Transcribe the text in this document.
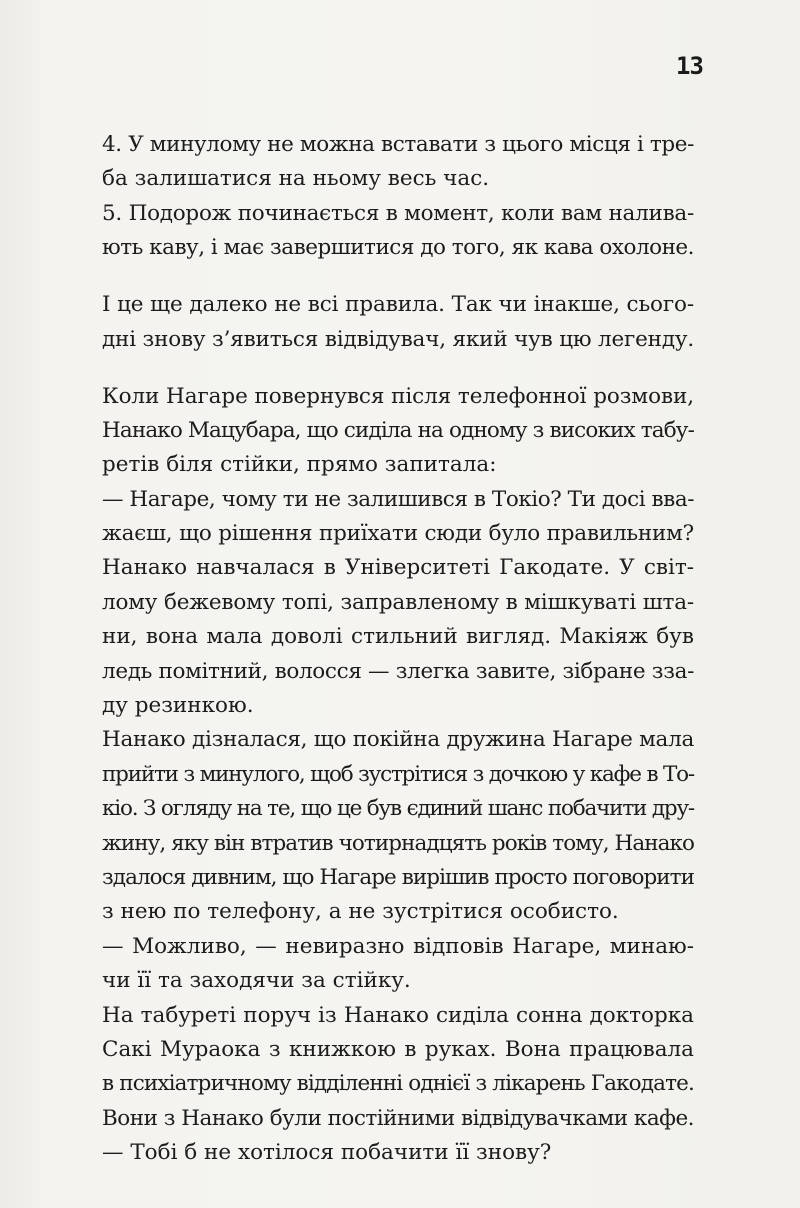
13
4. У минулому не можна вставати з цього місця і тре-
ба залишатися на ньому весь час.
5. Подорож починається в момент, коли вам налива-
ють каву, і має завершитися до того, як кава охолоне.
І це ще далеко не всі правила. Так чи інакше, сього-
дні знову з’явиться відвідувач, який чув цю легенду.
Коли Нагаре повернувся після телефонної розмови,
Нанако Мацубара, що сиділа на одному з високих табу-
ретів біля стійки, прямо запитала:
— Нагаре, чому ти не залишився в Токіо? Ти досі вва-
жаєш, що рішення приїхати сюди було правильним?
Нанако навчалася в Університеті Гакодате. У світ-
лому бежевому топі, заправленому в мішкуваті шта-
ни, вона мала доволі стильний вигляд. Макіяж був
ледь помітний, волосся — злегка завите, зібране зза-
ду резинкою.
Нанако дізналася, що покійна дружина Нагаре мала
прийти з минулого, щоб зустрітися з дочкою у кафе в То-
кіо. З огляду на те, що це був єдиний шанс побачити дру-
жину, яку він втратив чотирнадцять років тому, Нанако
здалося дивним, що Нагаре вирішив просто поговорити
з нею по телефону, а не зустрітися особисто.
— Можливо, — невиразно відповів Нагаре, минаю-
чи її та заходячи за стійку.
На табуреті поруч із Нанако сиділа сонна докторка
Сакі Мураока з книжкою в руках. Вона працювала
в психіатричному відділенні однієї з лікарень Гакодате.
Вони з Нанако були постійними відвідувачками кафе.
— Тобі б не хотілося побачити її знову?
